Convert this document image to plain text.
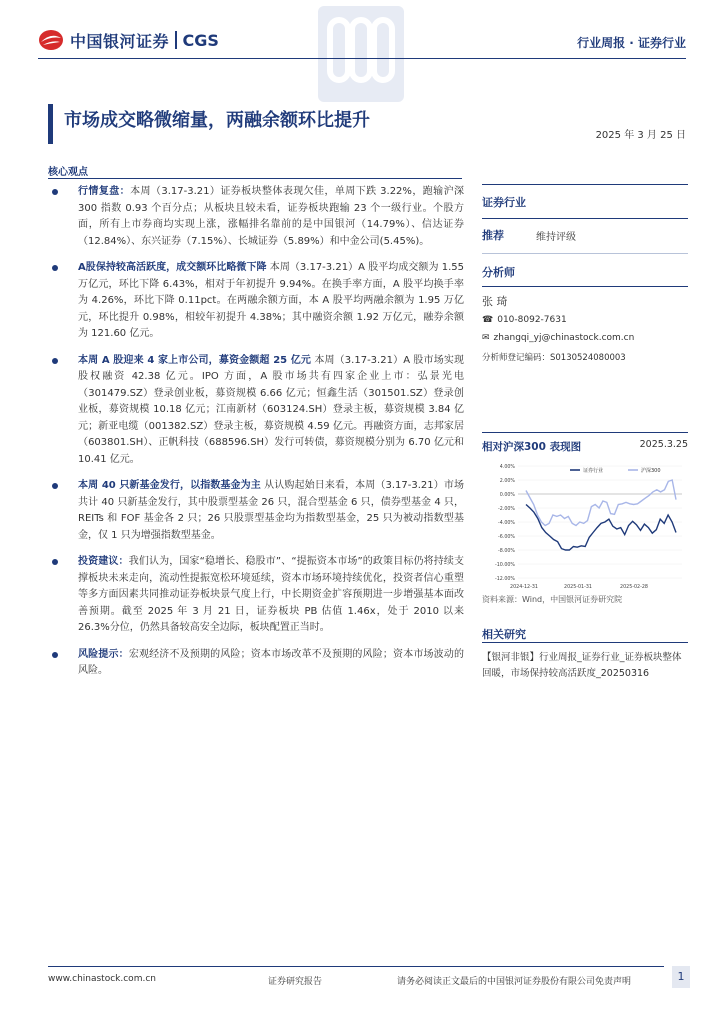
中国银河证券 CGS	行业周报 · 证券行业
市场成交略微缩量，两融余额环比提升
2025 年 3 月 25 日
核心观点
行情复盘：本周（3.17-3.21）证券板块整体表现欠佳，单周下跌 3.22%，跑输沪深 300 指数 0.93 个百分点；从板块且较未看，证券板块跑输 23 个一级行业。个股方面，所有上市券商均实现上涨，涨幅排名靠前的是中国银河（14.79%）、信达证券（12.84%）、东兴证券（7.15%）、长城证券（5.89%）和中金公司(5.45%)。
A股保持较高活跃度，成交额环比略微下降 本周（3.17-3.21）A 股平均成交额为 1.55 万亿元，环比下降 6.43%，相对于年初提升 9.94%。在换手率方面，A 股平均换手率为 4.26%，环比下降 0.11pct。在两融余额方面，本 A 股平均两融余额为 1.95 万亿元，环比提升 0.98%，相较年初提升 4.38%；其中融资余额 1.92 万亿元，融券余额为 121.60 亿元。
本周 A 股迎来 4 家上市公司，募资金额超 25 亿元 本周（3.17-3.21）A 股市场实现股权融资 42.38 亿元。IPO 方面，A 股市场共有四家企业上市：弘景光电（301479.SZ）登录创业板，募资规模 6.66 亿元；恒鑫生活（301501.SZ）登录创业板，募资规模 10.18 亿元；江南新材（603124.SH）登录主板，募资规模 3.84 亿元；新亚电缆（001382.SZ）登录主板，募资规模 4.59 亿元。再融资方面，志邦家居（603801.SH）、正帆科技（688596.SH）发行可转债，募资规模分别为 6.70 亿元和 10.41 亿元。
本周 40 只新基金发行，以指数基金为主 从认购起始日来看，本周（3.17-3.21）市场共计 40 只新基金发行，其中股票型基金 26 只，混合型基金 6 只，债券型基金 4 只，REITs 和 FOF 基金各 2 只；26 只股票型基金均为指数型基金，25 只为被动指数型基金，仅 1 只为增强指数型基金。
投资建议：我们认为，国家“稳增长、稳股市”、“提振资本市场”的政策目标仍将持续支撑板块未来走向，流动性提振宽松环境延续，资本市场环境持续优化，投资者信心重塑等多方面因素共同推动证券板块景气度上行，中长期资金扩容预期进一步增强基本面改善预期。截至 2025 年 3 月 21 日，证券板块 PB 估值 1.46x，处于 2010 以来 26.3%分位，仍然具备较高安全边际，板块配置正当时。
风险提示：宏观经济不及预期的风险；资本市场改革不及预期的风险；资本市场波动的风险。
证券行业
推荐	维持评级
分析师
张 琦
☎ 010-8092-7631
✉ zhangqi_yj@chinastock.com.cn
分析师登记编码：S0130524080003
相对沪深300 表现图	2025.3.25
4.00%
2.00%
0.00%
-2.00%
-4.00%
-6.00%
-8.00%
-10.00%
-12.00%
2024-12-31	2025-01-31	2025-02-28
证券行业	沪深300
资料来源：Wind，中国银河证券研究院
相关研究
【银河非银】行业周报_证券行业_证券板块整体回暖，市场保持较高活跃度_20250316
www.chinastock.com.cn	证券研究报告	请务必阅读正文最后的中国银河证券股份有限公司免责声明	1
